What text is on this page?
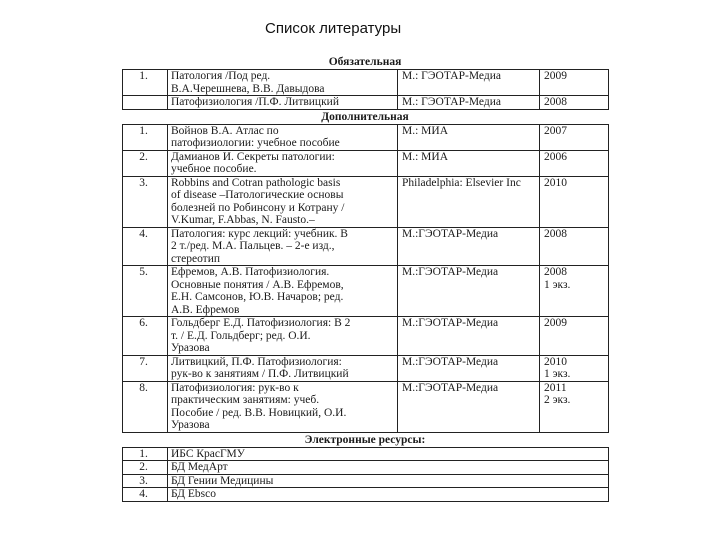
Список литературы
Обязательная
1.	Патология /Под ред.
В.А.Черешнева, В.В. Давыдова	М.: ГЭОТАР-Медиа	2009

	Патофизиология /П.Ф. Литвицкий	М.: ГЭОТАР-Медиа	2008
Дополнительная
1.	Войнов В.А. Атлас по
патофизиологии: учебное пособие	М.: МИА	2007

2.	Дамианов И. Секреты патологии:
учебное пособие.	М.: МИА	2006

3.	Robbins and Cotran pathologic basis
of disease –Патологические основы
болезней по Робинсону и Котрану /
V.Kumar, F.Abbas, N. Fausto.–	Philadelphia: Elsevier Inc	2010

4.	Патология: курс лекций: учебник. В
2 т./ред. М.А. Пальцев. – 2-е изд.,
стереотип	М.:ГЭОТАР-Медиа	2008

5.	Ефремов, А.В. Патофизиология.
Основные понятия / А.В. Ефремов,
Е.Н. Самсонов, Ю.В. Начаров; ред.
А.В. Ефремов	М.:ГЭОТАР-Медиа	2008
1 экз.

6.	Гольдберг Е.Д. Патофизиология: В 2
т. / Е.Д. Гольдберг; ред. О.И.
Уразова	М.:ГЭОТАР-Медиа	2009

7.	Литвицкий, П.Ф. Патофизиология:
рук-во к занятиям / П.Ф. Литвицкий	М.:ГЭОТАР-Медиа	2010
1 экз.

8.	Патофизиология: рук-во к
практическим занятиям: учеб.
Пособие / ред. В.В. Новицкий, О.И.
Уразова	М.:ГЭОТАР-Медиа	2011
2 экз.
Электронные ресурсы:
1.	ИБС КрасГМУ
2.	БД МедАрт
3.	БД Гении Медицины
4.	БД Ebsco
